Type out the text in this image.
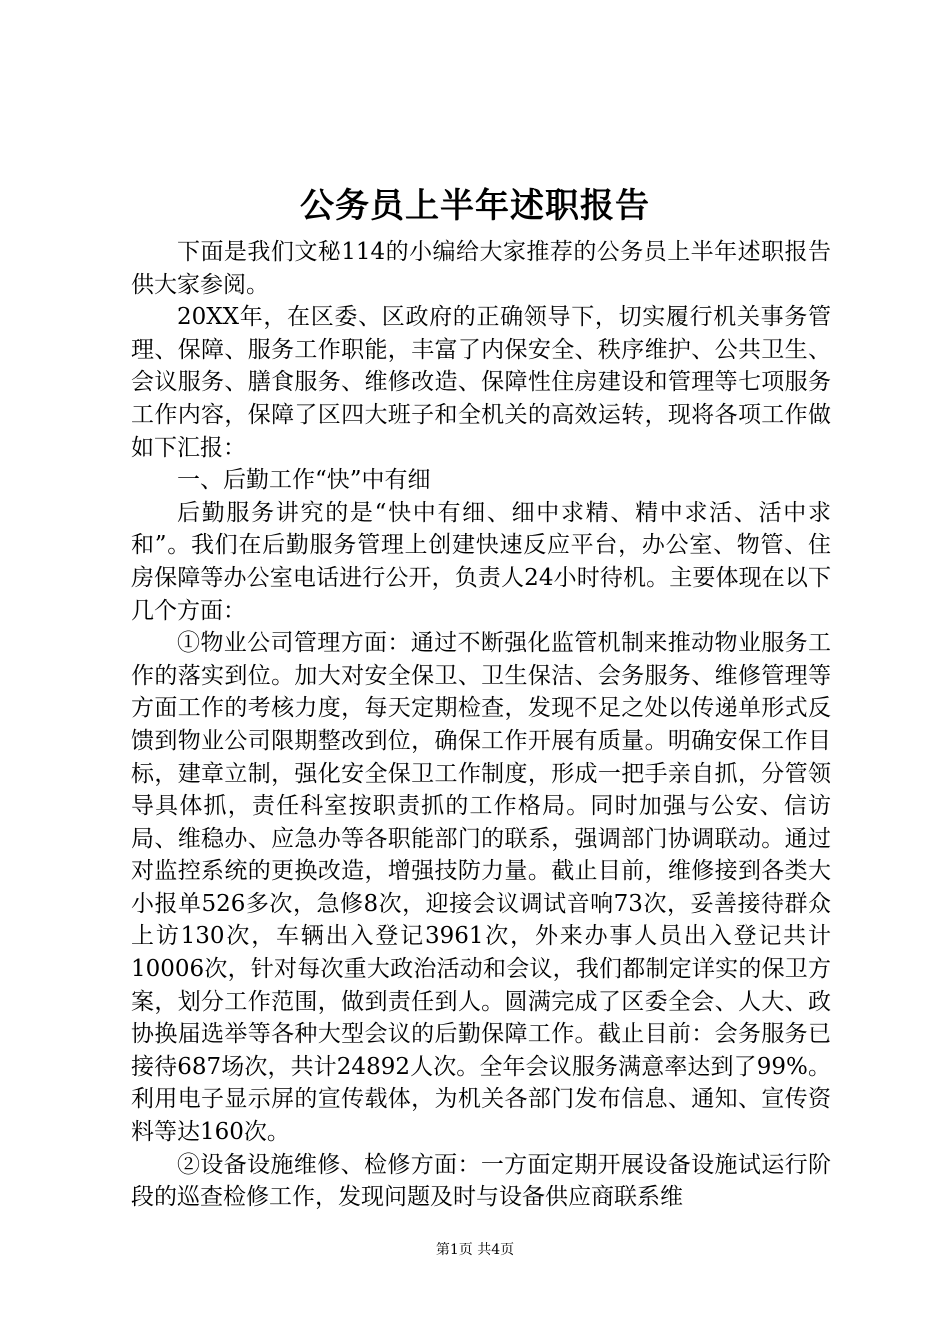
公务员上半年述职报告

下面是我们文秘114的小编给大家推荐的公务员上半年述职报告供大家参阅。

20XX年，在区委、区政府的正确领导下，切实履行机关事务管理、保障、服务工作职能，丰富了内保安全、秩序维护、公共卫生、会议服务、膳食服务、维修改造、保障性住房建设和管理等七项服务工作内容，保障了区四大班子和全机关的高效运转，现将各项工作做如下汇报：

一、后勤工作“快”中有细

后勤服务讲究的是“快中有细、细中求精、精中求活、活中求和”。我们在后勤服务管理上创建快速反应平台，办公室、物管、住房保障等办公室电话进行公开，负责人24小时待机。主要体现在以下几个方面：

①物业公司管理方面：通过不断强化监管机制来推动物业服务工作的落实到位。加大对安全保卫、卫生保洁、会务服务、维修管理等方面工作的考核力度，每天定期检查，发现不足之处以传递单形式反馈到物业公司限期整改到位，确保工作开展有质量。明确安保工作目标，建章立制，强化安全保卫工作制度，形成一把手亲自抓，分管领导具体抓，责任科室按职责抓的工作格局。同时加强与公安、信访局、维稳办、应急办等各职能部门的联系，强调部门协调联动。通过对监控系统的更换改造，增强技防力量。截止目前，维修接到各类大小报单526多次，急修8次，迎接会议调试音响73次，妥善接待群众上访130次，车辆出入登记3961次，外来办事人员出入登记共计10006次，针对每次重大政治活动和会议，我们都制定详实的保卫方案，划分工作范围，做到责任到人。圆满完成了区委全会、人大、政协换届选举等各种大型会议的后勤保障工作。截止目前：会务服务已接待687场次，共计24892人次。全年会议服务满意率达到了99%。利用电子显示屏的宣传载体，为机关各部门发布信息、通知、宣传资料等达160次。

②设备设施维修、检修方面：一方面定期开展设备设施试运行阶段的巡查检修工作，发现问题及时与设备供应商联系维

第1页 共4页
